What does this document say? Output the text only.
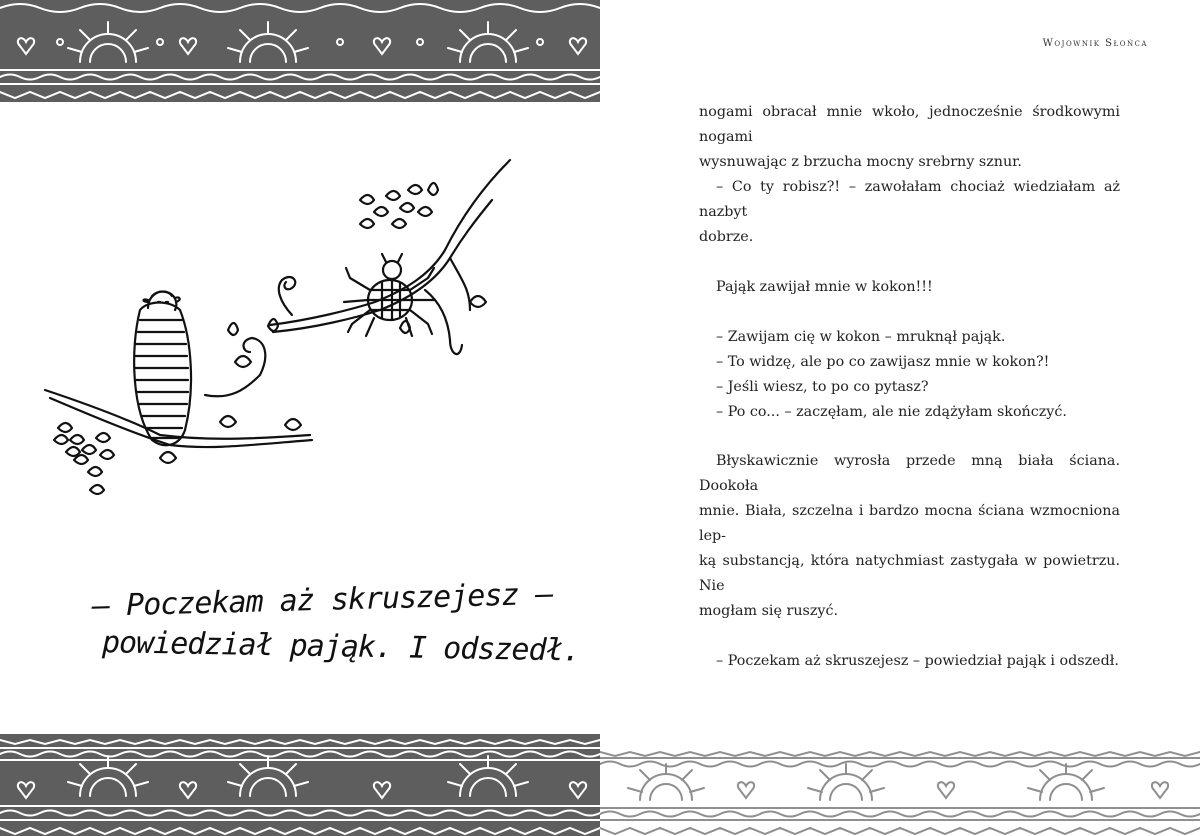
– Poczekam aż skruszejesz –
powiedział pająk. I odszedł.
Wojownik Słońca

nogami obracał mnie wkoło, jednocześnie środkowymi nogami

wysnuwając z brzucha mocny srebrny sznur.

– Co ty robisz?! – zawołałam chociaż wiedziałam aż nazbyt

dobrze.

Pająk zawijał mnie w kokon!!!

– Zawijam cię w kokon – mruknął pająk.

– To widzę, ale po co zawijasz mnie w kokon?!

– Jeśli wiesz, to po co pytasz?

– Po co... – zaczęłam, ale nie zdążyłam skończyć.

Błyskawicznie wyrosła przede mną biała ściana. Dookoła

mnie. Biała, szczelna i bardzo mocna ściana wzmocniona lep-

ką substancją, która natychmiast zastygała w powietrzu. Nie

mogłam się ruszyć.

– Poczekam aż skruszejesz – powiedział pająk i odszedł.
